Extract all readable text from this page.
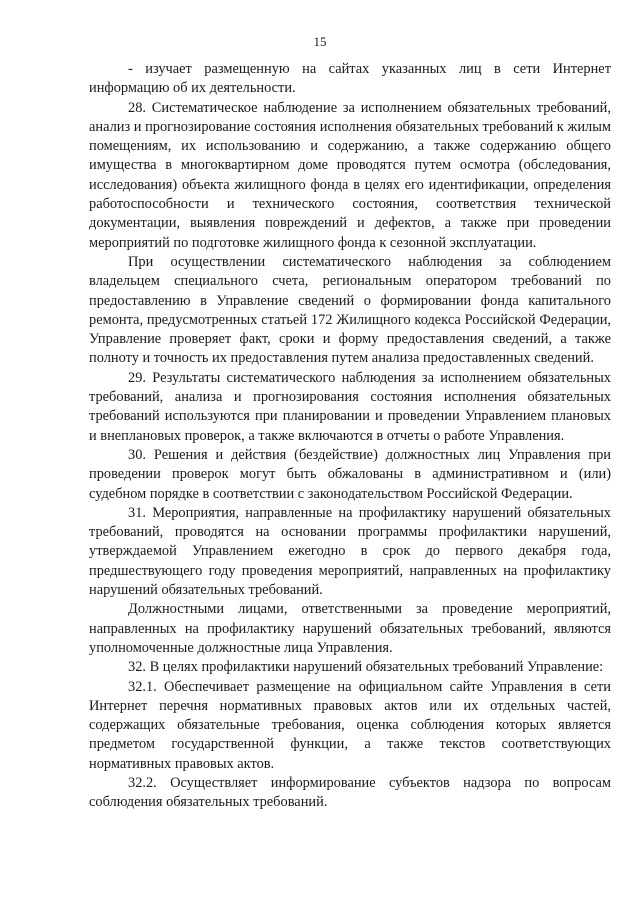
15

- изучает размещенную на сайтах указанных лиц в сети Интернет информацию об их деятельности.

28. Систематическое наблюдение за исполнением обязательных требований, анализ и прогнозирование состояния исполнения обязательных требований к жилым помещениям, их использованию и содержанию, а также содержанию общего имущества в многоквартирном доме проводятся путем осмотра (обследования, исследования) объекта жилищного фонда в целях его идентификации, определения работоспособности и технического состояния, соответствия технической документации, выявления повреждений и дефектов, а также при проведении мероприятий по подготовке жилищного фонда к сезонной эксплуатации.

При осуществлении систематического наблюдения за соблюдением владельцем специального счета, региональным оператором требований по предоставлению в Управление сведений о формировании фонда капитального ремонта, предусмотренных статьей 172 Жилищного кодекса Российской Федерации, Управление проверяет факт, сроки и форму предоставления сведений, а также полноту и точность их предоставления путем анализа предоставленных сведений.

29. Результаты систематического наблюдения за исполнением обязательных требований, анализа и прогнозирования состояния исполнения обязательных требований используются при планировании и проведении Управлением плановых и внеплановых проверок, а также включаются в отчеты о работе Управления.

30. Решения и действия (бездействие) должностных лиц Управления при проведении проверок могут быть обжалованы в административном и (или) судебном порядке в соответствии с законодательством Российской Федерации.

31. Мероприятия, направленные на профилактику нарушений обязательных требований, проводятся на основании программы профилактики нарушений, утверждаемой Управлением ежегодно в срок до первого декабря года, предшествующего году проведения мероприятий, направленных на профилактику нарушений обязательных требований.

Должностными лицами, ответственными за проведение мероприятий, направленных на профилактику нарушений обязательных требований, являются уполномоченные должностные лица Управления.

32. В целях профилактики нарушений обязательных требований Управление:

32.1. Обеспечивает размещение на официальном сайте Управления в сети Интернет перечня нормативных правовых актов или их отдельных частей, содержащих обязательные требования, оценка соблюдения которых является предметом государственной функции, а также текстов соответствующих нормативных правовых актов.

32.2. Осуществляет информирование субъектов надзора по вопросам соблюдения обязательных требований.
